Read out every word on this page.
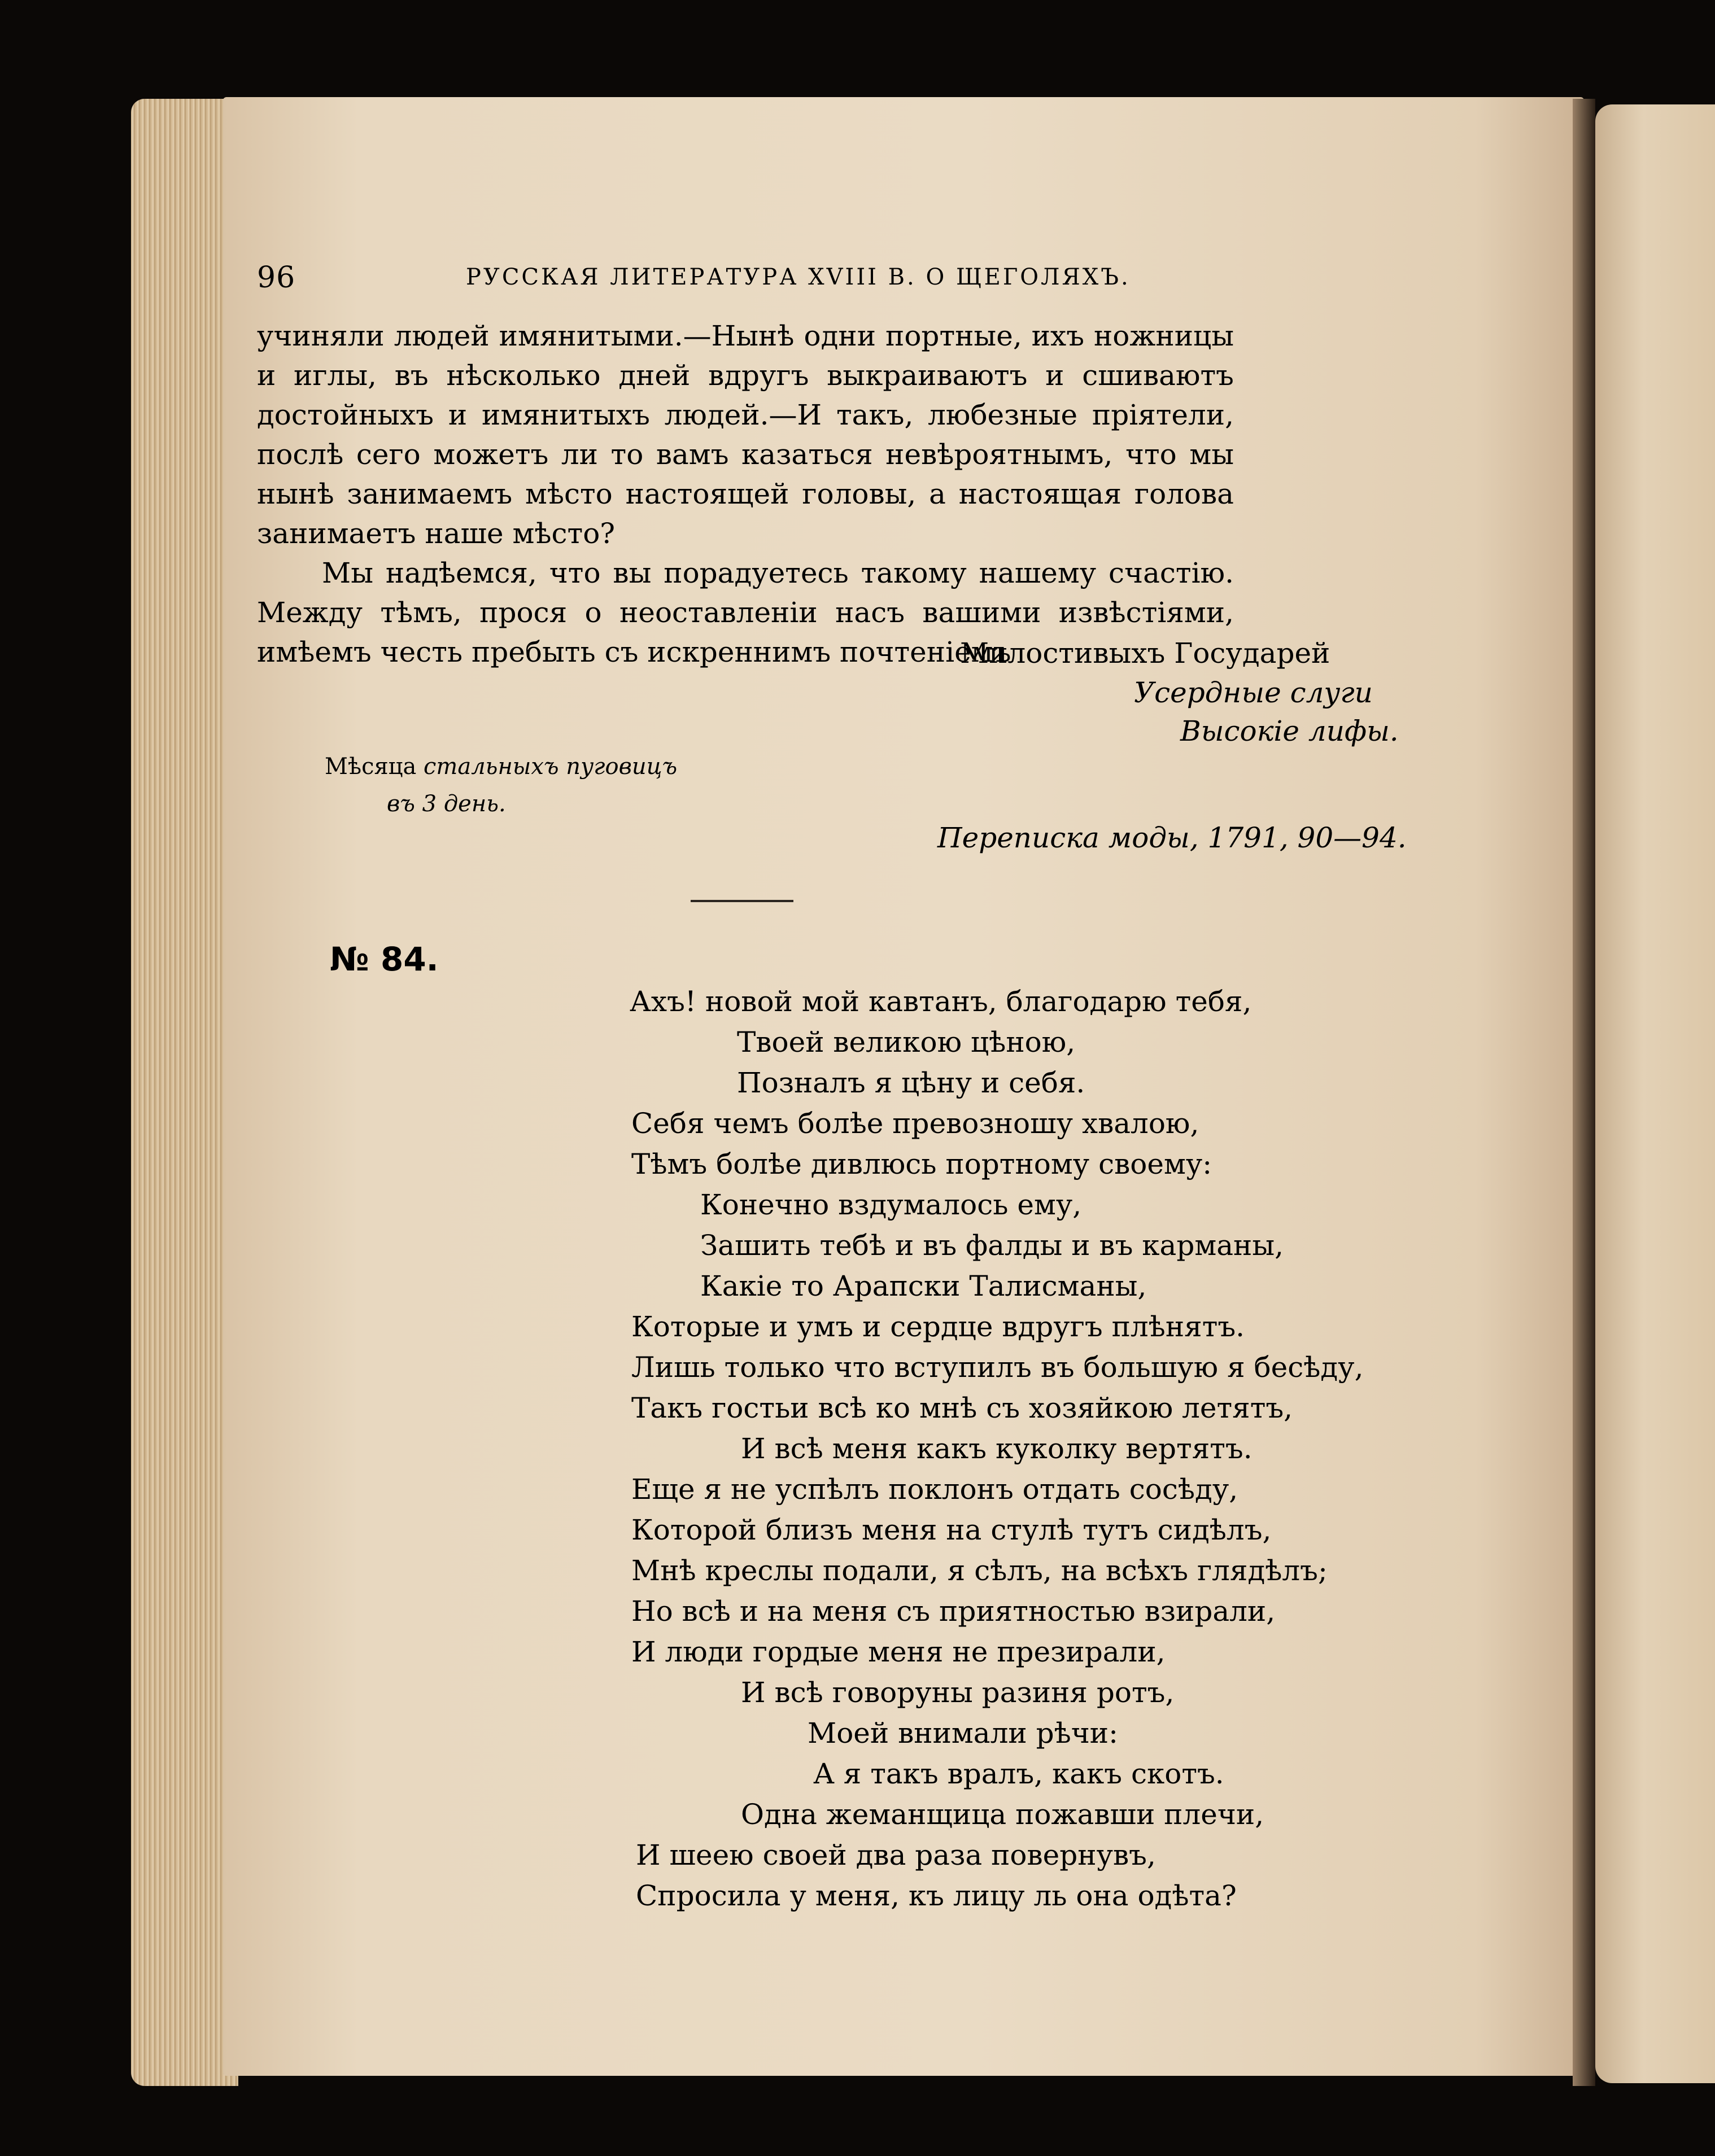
96	РУССКАЯ ЛИТЕРАТУРА XVIII В. О ЩЕГОЛЯХЪ.

учиняли людей имянитыми.—Нынѣ одни портные, ихъ ножницы и иглы, въ нѣсколько дней вдругъ выкраиваютъ и сшиваютъ достойныхъ и имянитыхъ людей.—И такъ, любезные пріятели, послѣ сего можетъ ли то вамъ казаться невѣроятнымъ, что мы нынѣ занимаемъ мѣсто настоящей головы, а настоящая голова занимаетъ наше мѣсто?

Мы надѣемся, что вы порадуетесь такому нашему счастію. Между тѣмъ, прося о неоставленіи насъ вашими извѣстіями, имѣемъ честь пребыть съ искреннимъ почтеніемъ

Милостивыхъ Государей
Усердные слуги
Высокіе лифы.
Мѣсяца стальныхъ пуговицъ
въ 3 день.
Переписка моды, 1791, 90—94.
№ 84.
Ахъ! новой мой кавтанъ, благодарю тебя,
Твоей великою цѣною,
Позналъ я цѣну и себя.
Себя чемъ болѣе превозношу хвалою,
Тѣмъ болѣе дивлюсь портному своему:
Конечно вздумалось ему,
Зашить тебѣ и въ фалды и въ карманы,
Какіе то Арапски Талисманы,
Которые и умъ и сердце вдругъ плѣнятъ.
Лишь только что вступилъ въ большую я бесѣду,
Такъ гостьи всѣ ко мнѣ съ хозяйкою летятъ,
И всѣ меня какъ куколку вертятъ.
Еще я не успѣлъ поклонъ отдать сосѣду,
Которой близъ меня на стулѣ тутъ сидѣлъ,
Мнѣ креслы подали, я сѣлъ, на всѣхъ глядѣлъ;
Но всѣ и на меня съ приятностью взирали,
И люди гордые меня не презирали,
И всѣ говоруны разиня ротъ,
Моей внимали рѣчи:
А я такъ вралъ, какъ скотъ.
Одна жеманщица пожавши плечи,
И шеею своей два раза повернувъ,
Спросила у меня, къ лицу ль она одѣта?
